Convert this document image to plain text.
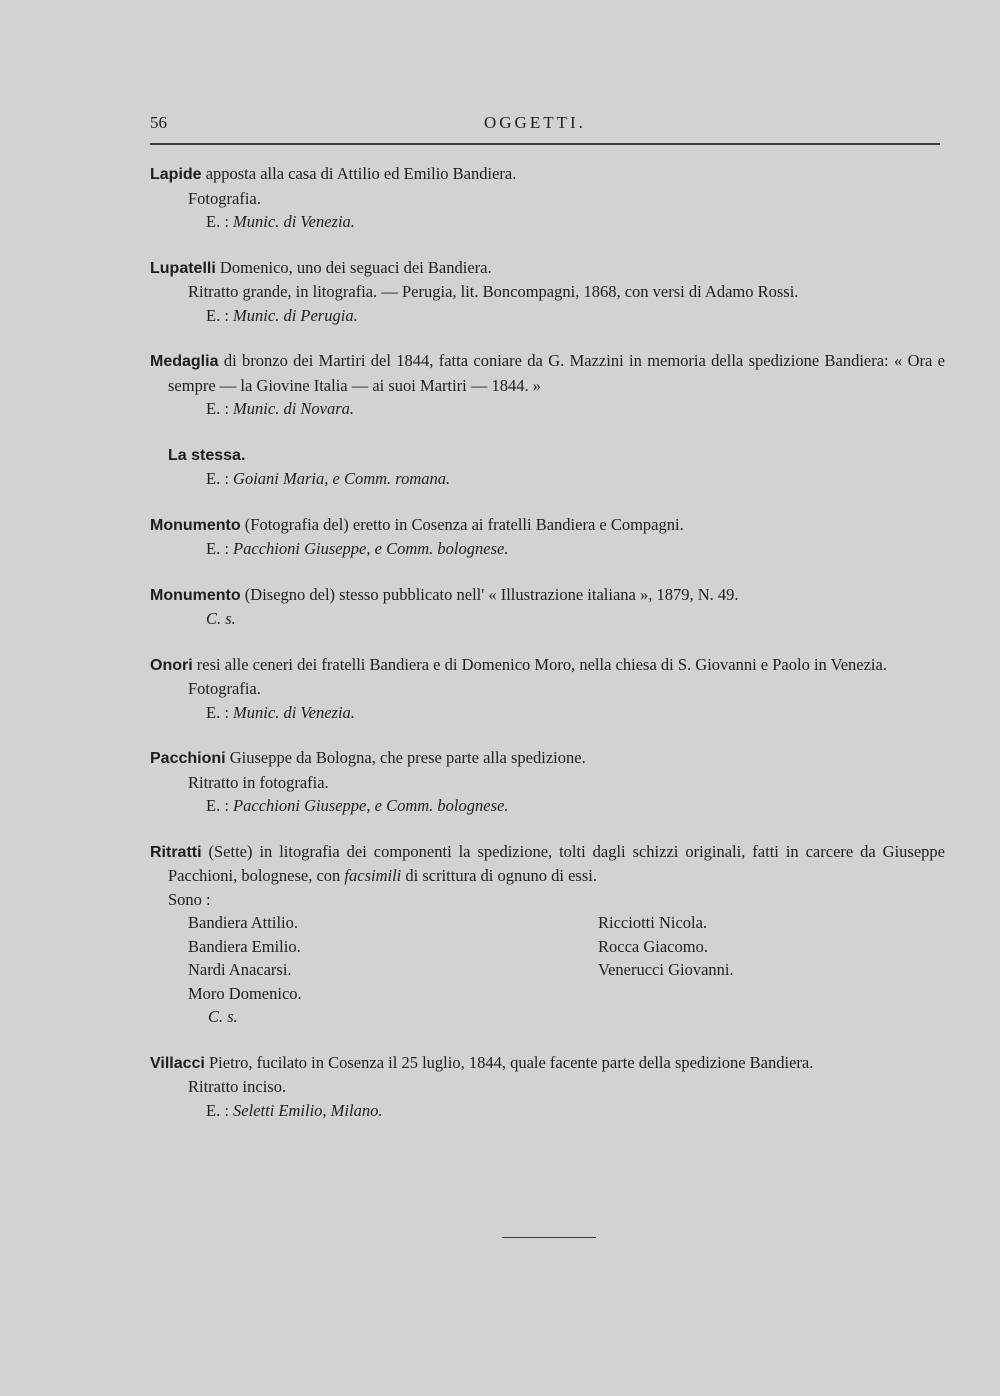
56	OGGETTI.
Lapide apposta alla casa di Attilio ed Emilio Bandiera.
Fotografia.
E. : Munic. di Venezia.
Lupatelli Domenico, uno dei seguaci dei Bandiera.
Ritratto grande, in litografia. — Perugia, lit. Boncompagni, 1868, con versi di Adamo Rossi.
E. : Munic. di Perugia.
Medaglia di bronzo dei Martiri del 1844, fatta coniare da G. Mazzini in memoria della spedizione Bandiera: « Ora e sempre — la Giovine Italia — ai suoi Martiri — 1844. »
E. : Munic. di Novara.
La stessa.
E. : Goiani Maria, e Comm. romana.
Monumento (Fotografia del) eretto in Cosenza ai fratelli Bandiera e Compagni.
E. : Pacchioni Giuseppe, e Comm. bolognese.
Monumento (Disegno del) stesso pubblicato nell' « Illustrazione italiana », 1879, N. 49.
C. s.
Onori resi alle ceneri dei fratelli Bandiera e di Domenico Moro, nella chiesa di S. Giovanni e Paolo in Venezia.
Fotografia.
E. : Munic. di Venezia.
Pacchioni Giuseppe da Bologna, che prese parte alla spedizione.
Ritratto in fotografia.
E. : Pacchioni Giuseppe, e Comm. bolognese.
Ritratti (Sette) in litografia dei componenti la spedizione, tolti dagli schizzi originali, fatti in carcere da Giuseppe Pacchioni, bolognese, con facsimili di scrittura di ognuno di essi.
Sono :
Bandiera Attilio.
Bandiera Emilio.
Nardi Anacarsi.
Moro Domenico.
Ricciotti Nicola.
Rocca Giacomo.
Venerucci Giovanni.
C. s.
Villacci Pietro, fucilato in Cosenza il 25 luglio, 1844, quale facente parte della spedizione Bandiera.
Ritratto inciso.
E. : Seletti Emilio, Milano.
